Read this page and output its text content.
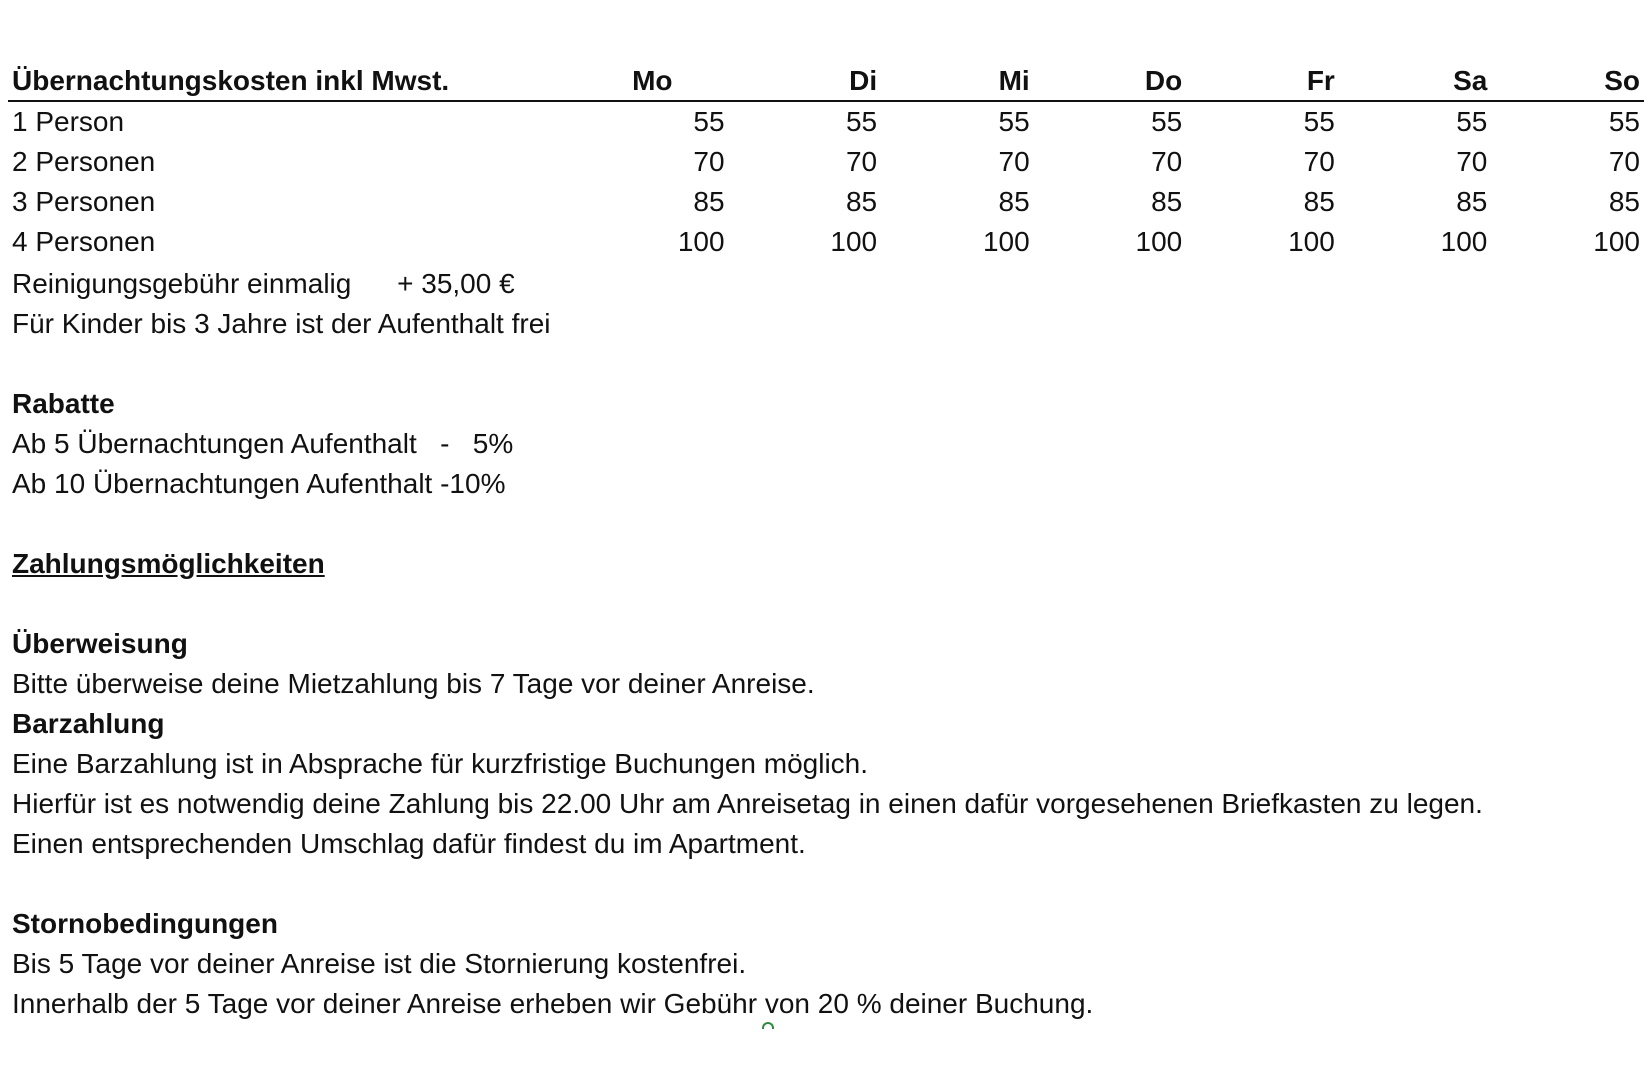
Übernachtungskosten inkl Mwst.	Mo	Di	Mi	Do	Fr	Sa	So
1 Person	55	55	55	55	55	55	55
2 Personen	70	70	70	70	70	70	70
3 Personen	85	85	85	85	85	85	85
4 Personen	100	100	100	100	100	100	100
Reinigungsgebühr einmalig + 35,00 €
Für Kinder bis 3 Jahre ist der Aufenthalt frei
Rabatte
Ab 5 Übernachtungen Aufenthalt   -   5%
Ab 10 Übernachtungen Aufenthalt -10%
Zahlungsmöglichkeiten
Überweisung
Bitte überweise deine Mietzahlung bis 7 Tage vor deiner Anreise.
Barzahlung
Eine Barzahlung ist in Absprache für kurzfristige Buchungen möglich.
Hierfür ist es notwendig deine Zahlung bis 22.00 Uhr am Anreisetag in einen dafür vorgesehenen Briefkasten zu legen.
Einen entsprechenden Umschlag dafür findest du im Apartment.
Stornobedingungen
Bis 5 Tage vor deiner Anreise ist die Stornierung kostenfrei.
Innerhalb der 5 Tage vor deiner Anreise erheben wir Gebühr von 20 % deiner Buchung.
